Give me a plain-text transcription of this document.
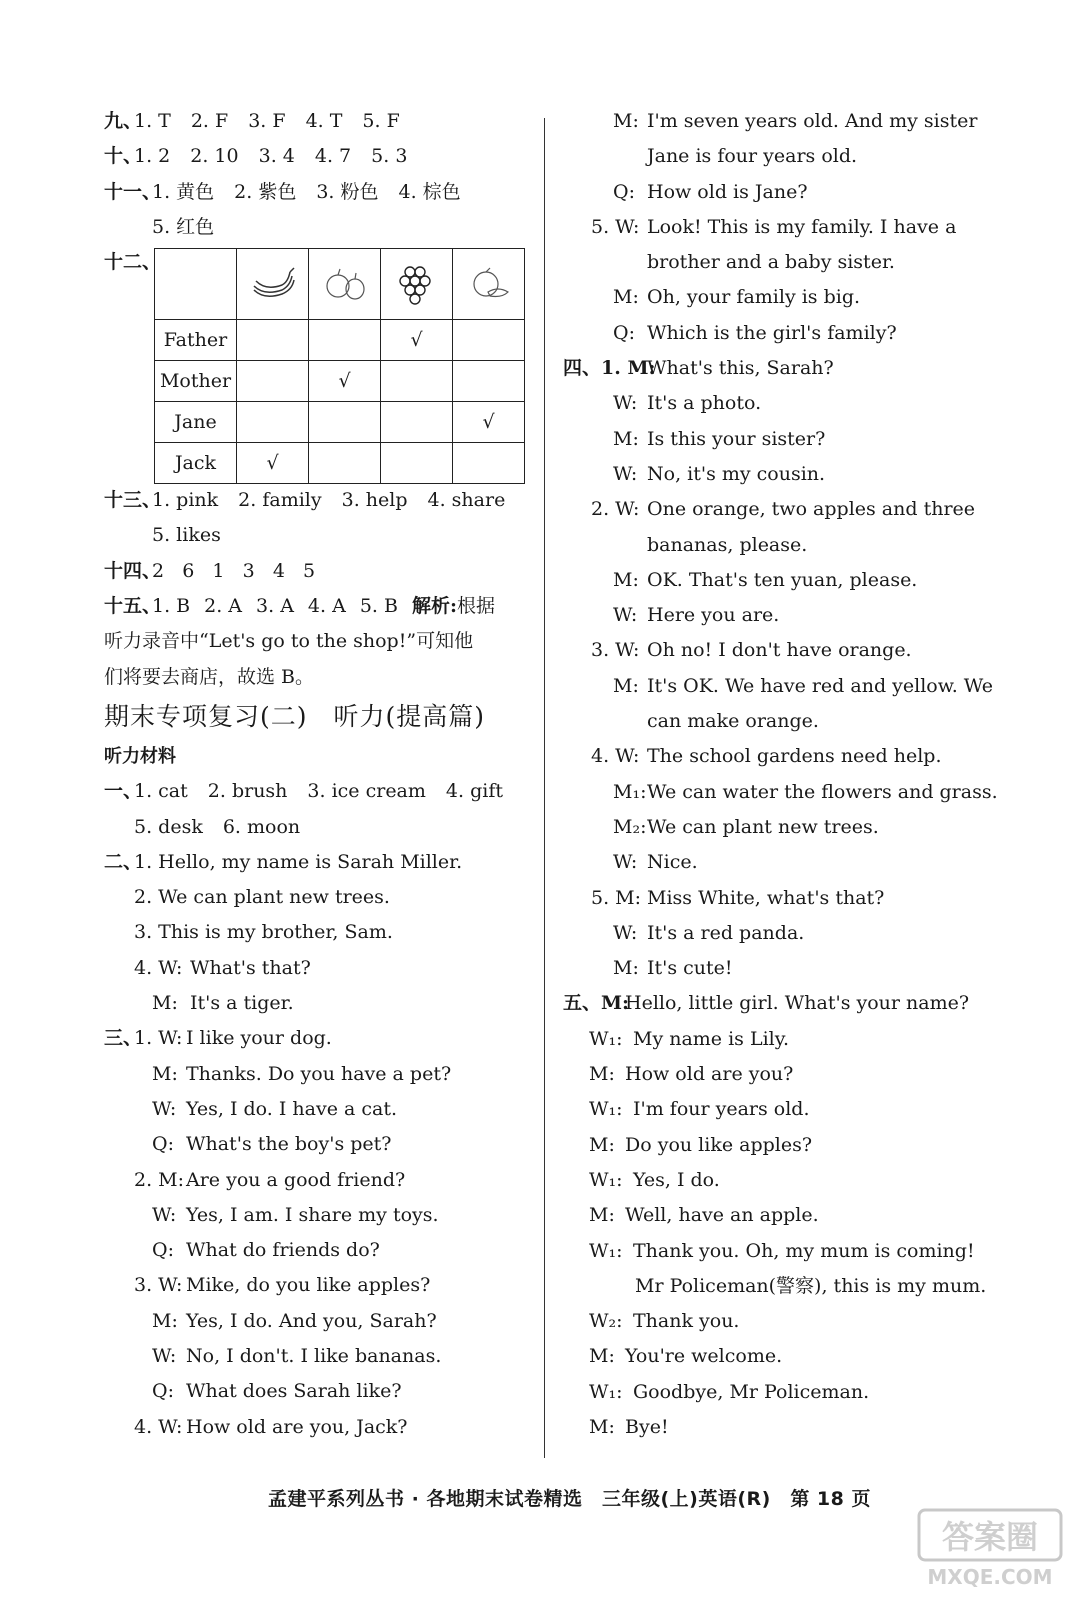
九、
1. T 2. F 3. F 4. T 5. F
十、
1. 2 2. 10 3. 4 4. 7 5. 3
十一、
1. 黄色 2. 紫色 3. 粉色 4. 棕色
5. 红色
十二、

Father			√	
Mother		√		
Jane				√
Jack	√			
十三、
1. pink 2. family 3. help 4. share
5. likes
十四、
2   6   1   3   4   5
十五、
1. B 2. A 3. A 4. A 5. B 解析:根据
听力录音中“Let's go to the shop!”可知他
们将要去商店，故选 B。
期末专项复习(二)　听力(提高篇)
听力材料
一、
1. cat 2. brush 3. ice cream 4. gift
5. desk 6. moon
二、
1. Hello, my name is Sarah Miller.
2. We can plant new trees.
3. This is my brother, Sam.
4. W: What's that?
M: It's a tiger.
三、
1. W: I like your dog.
M: Thanks. Do you have a pet?
W: Yes, I do. I have a cat.
Q: What's the boy's pet?
2. M: Are you a good friend?
W: Yes, I am. I share my toys.
Q: What do friends do?
3. W: Mike, do you like apples?
M: Yes, I do. And you, Sarah?
W: No, I don't. I like bananas.
Q: What does Sarah like?
4. W: How old are you, Jack?
M: I'm seven years old. And my sister
Jane is four years old.
Q: How old is Jane?
5. W: Look! This is my family. I have a
brother and a baby sister.
M: Oh, your family is big.
Q: Which is the girl's family?
四、1. M:
What's this, Sarah?
W: It's a photo.
M: Is this your sister?
W: No, it's my cousin.
2. W: One orange, two apples and three
bananas, please.
M: OK. That's ten yuan, please.
W: Here you are.
3. W: Oh no! I don't have orange.
M: It's OK. We have red and yellow. We
can make orange.
4. W: The school gardens need help.
M₁: We can water the flowers and grass.
M₂: We can plant new trees.
W: Nice.
5. M: Miss White, what's that?
W: It's a red panda.
M: It's cute!
五、M:
Hello, little girl. What's your name?
W₁: My name is Lily.
M: How old are you?
W₁: I'm four years old.
M: Do you like apples?
W₁: Yes, I do.
M: Well, have an apple.
W₁: Thank you. Oh, my mum is coming!
Mr Policeman(警察), this is my mum.
W₂: Thank you.
M: You're welcome.
W₁: Goodbye, Mr Policeman.
M: Bye!
孟建平系列丛书 · 各地期末试卷精选　三年级(上)英语(R)　第 18 页
答案圈
MXQE.COM
